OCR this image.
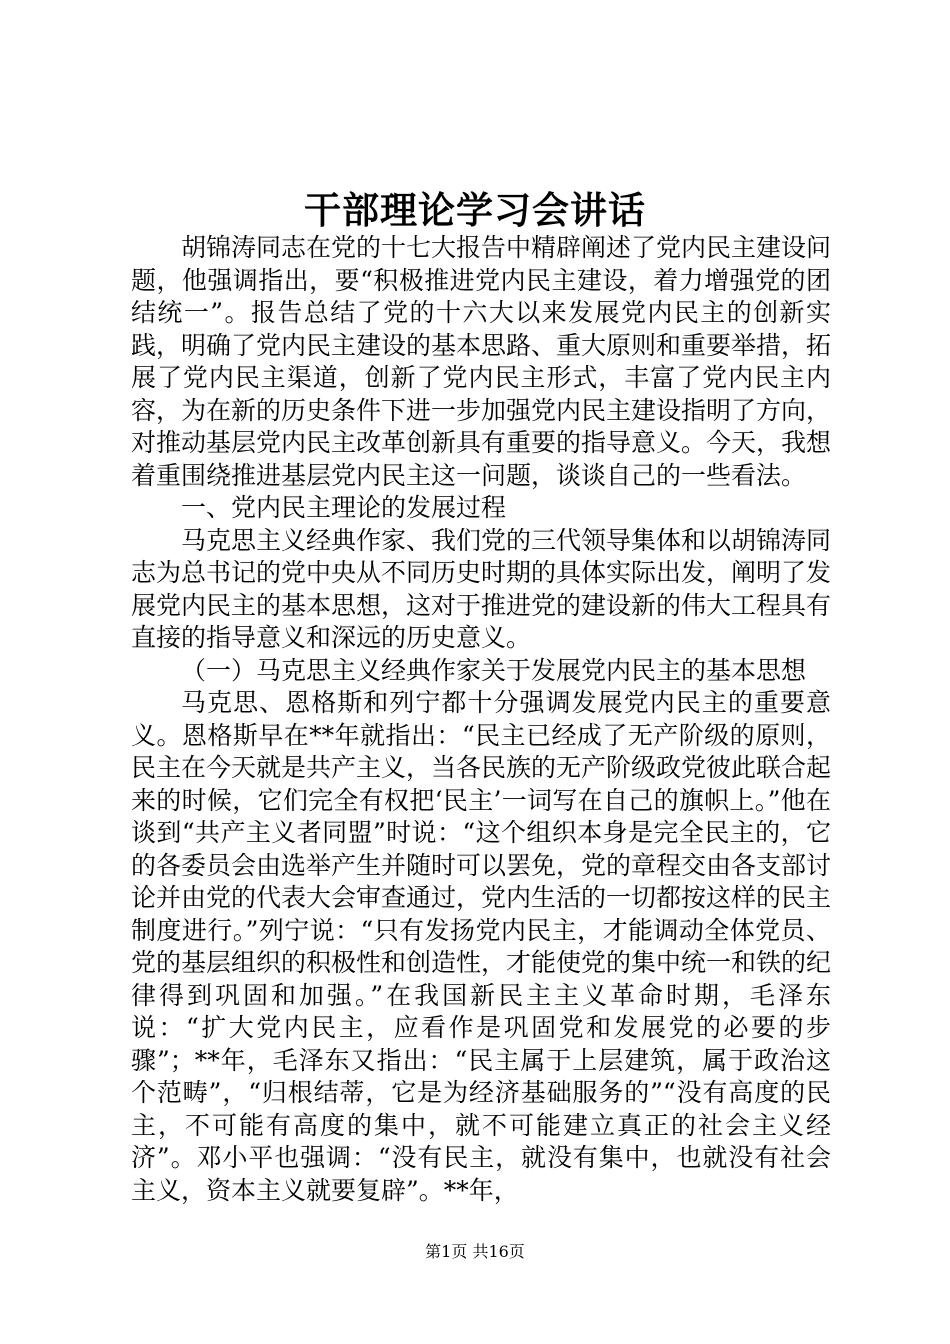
干部理论学习会讲话

胡锦涛同志在党的十七大报告中精辟阐述了党内民主建设问题，他强调指出，要“积极推进党内民主建设，着力增强党的团结统一”。报告总结了党的十六大以来发展党内民主的创新实践，明确了党内民主建设的基本思路、重大原则和重要举措，拓展了党内民主渠道，创新了党内民主形式，丰富了党内民主内容，为在新的历史条件下进一步加强党内民主建设指明了方向，对推动基层党内民主改革创新具有重要的指导意义。今天，我想着重围绕推进基层党内民主这一问题，谈谈自己的一些看法。

一、党内民主理论的发展过程

马克思主义经典作家、我们党的三代领导集体和以胡锦涛同志为总书记的党中央从不同历史时期的具体实际出发，阐明了发展党内民主的基本思想，这对于推进党的建设新的伟大工程具有直接的指导意义和深远的历史意义。

（一）马克思主义经典作家关于发展党内民主的基本思想

马克思、恩格斯和列宁都十分强调发展党内民主的重要意义。恩格斯早在**年就指出：“民主已经成了无产阶级的原则，民主在今天就是共产主义，当各民族的无产阶级政党彼此联合起来的时候，它们完全有权把‘民主’一词写在自己的旗帜上。”他在谈到“共产主义者同盟”时说：“这个组织本身是完全民主的，它的各委员会由选举产生并随时可以罢免，党的章程交由各支部讨论并由党的代表大会审查通过，党内生活的一切都按这样的民主制度进行。”列宁说：“只有发扬党内民主，才能调动全体党员、党的基层组织的积极性和创造性，才能使党的集中统一和铁的纪律得到巩固和加强。”在我国新民主主义革命时期，毛泽东说：“扩大党内民主，应看作是巩固党和发展党的必要的步骤”；**年，毛泽东又指出：“民主属于上层建筑，属于政治这个范畴”，“归根结蒂，它是为经济基础服务的”“没有高度的民主，不可能有高度的集中，就不可能建立真正的社会主义经济”。邓小平也强调：“没有民主，就没有集中，也就没有社会主义，资本主义就要复辟”。**年，

第1页 共16页
